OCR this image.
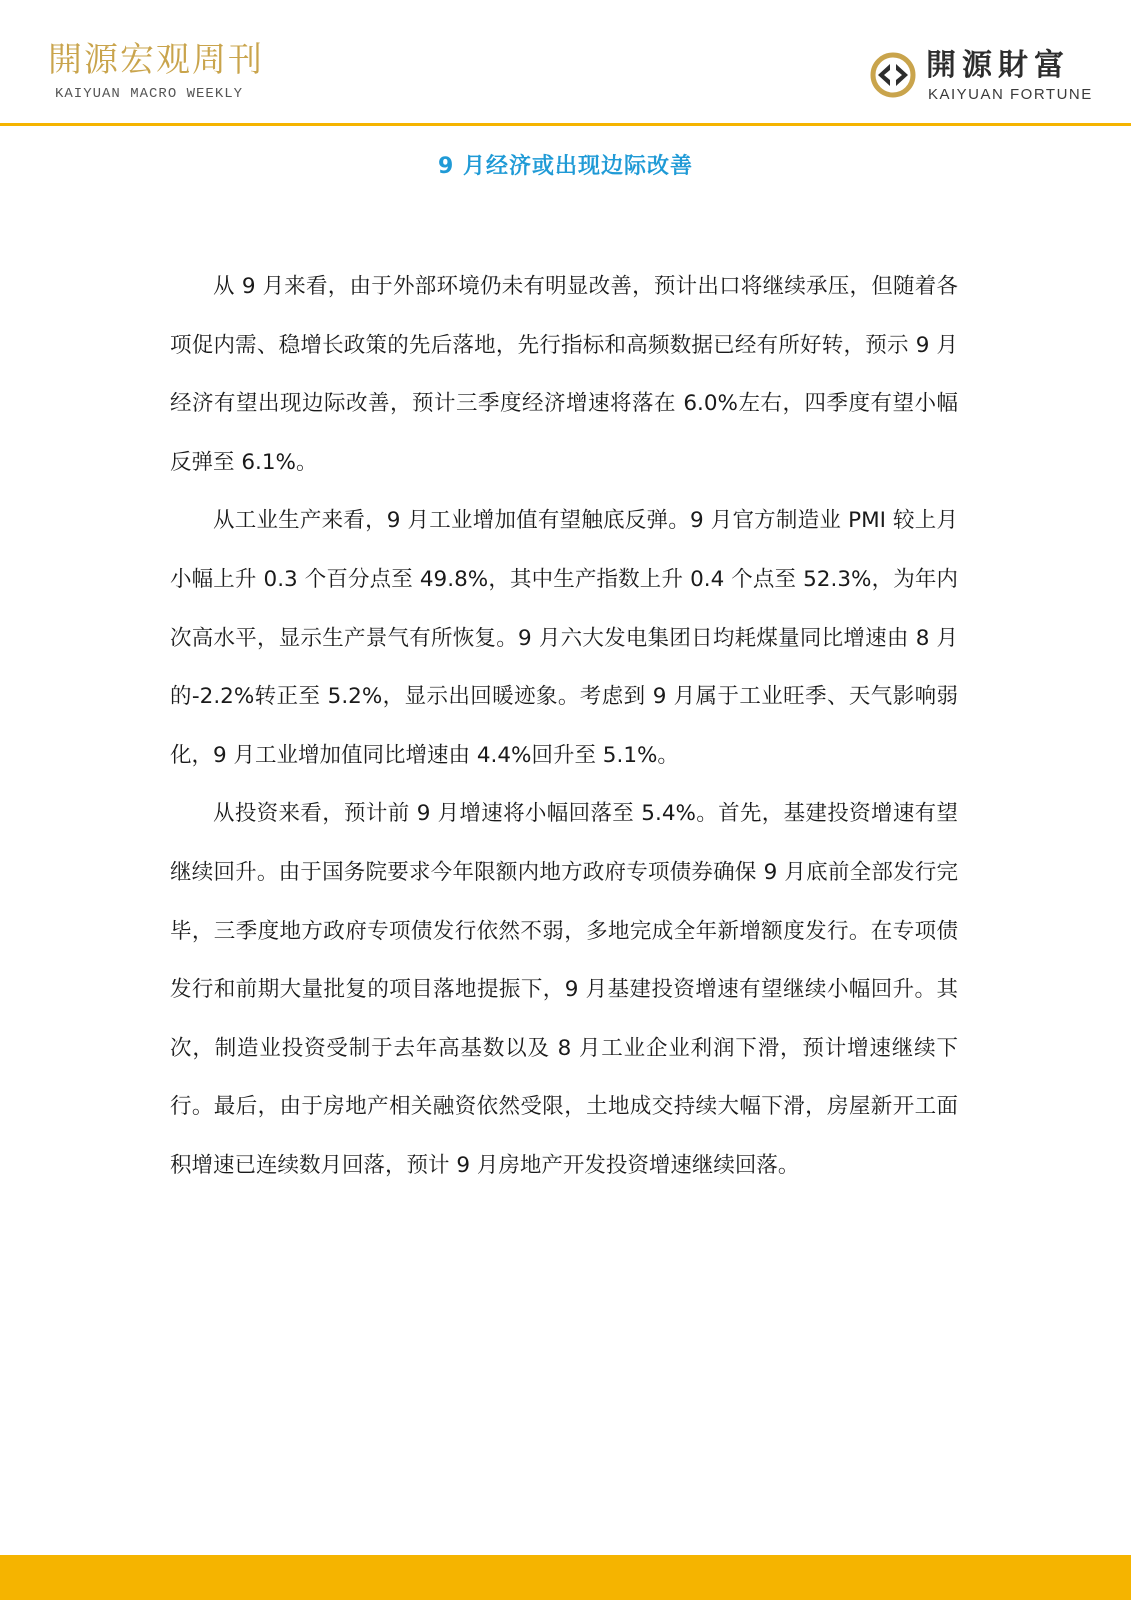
開源宏观周刊
KAIYUAN MACRO WEEKLY
開源財富
KAIYUAN FORTUNE
9 月经济或出现边际改善

从 9 月来看，由于外部环境仍未有明显改善，预计出口将继续承压，但随着各项促内需、稳增长政策的先后落地，先行指标和高频数据已经有所好转，预示 9 月经济有望出现边际改善，预计三季度经济增速将落在 6.0%左右，四季度有望小幅反弹至 6.1%。

从工业生产来看，9 月工业增加值有望触底反弹。9 月官方制造业 PMI 较上月小幅上升 0.3 个百分点至 49.8%，其中生产指数上升 0.4 个点至 52.3%，为年内次高水平，显示生产景气有所恢复。9 月六大发电集团日均耗煤量同比增速由 8 月的-2.2%转正至 5.2%，显示出回暖迹象。考虑到 9 月属于工业旺季、天气影响弱化，9 月工业增加值同比增速由 4.4%回升至 5.1%。

从投资来看，预计前 9 月增速将小幅回落至 5.4%。首先，基建投资增速有望继续回升。由于国务院要求今年限额内地方政府专项债券确保 9 月底前全部发行完毕，三季度地方政府专项债发行依然不弱，多地完成全年新增额度发行。在专项债发行和前期大量批复的项目落地提振下，9 月基建投资增速有望继续小幅回升。其次，制造业投资受制于去年高基数以及 8 月工业企业利润下滑，预计增速继续下行。最后，由于房地产相关融资依然受限，土地成交持续大幅下滑，房屋新开工面积增速已连续数月回落，预计 9 月房地产开发投资增速继续回落。
